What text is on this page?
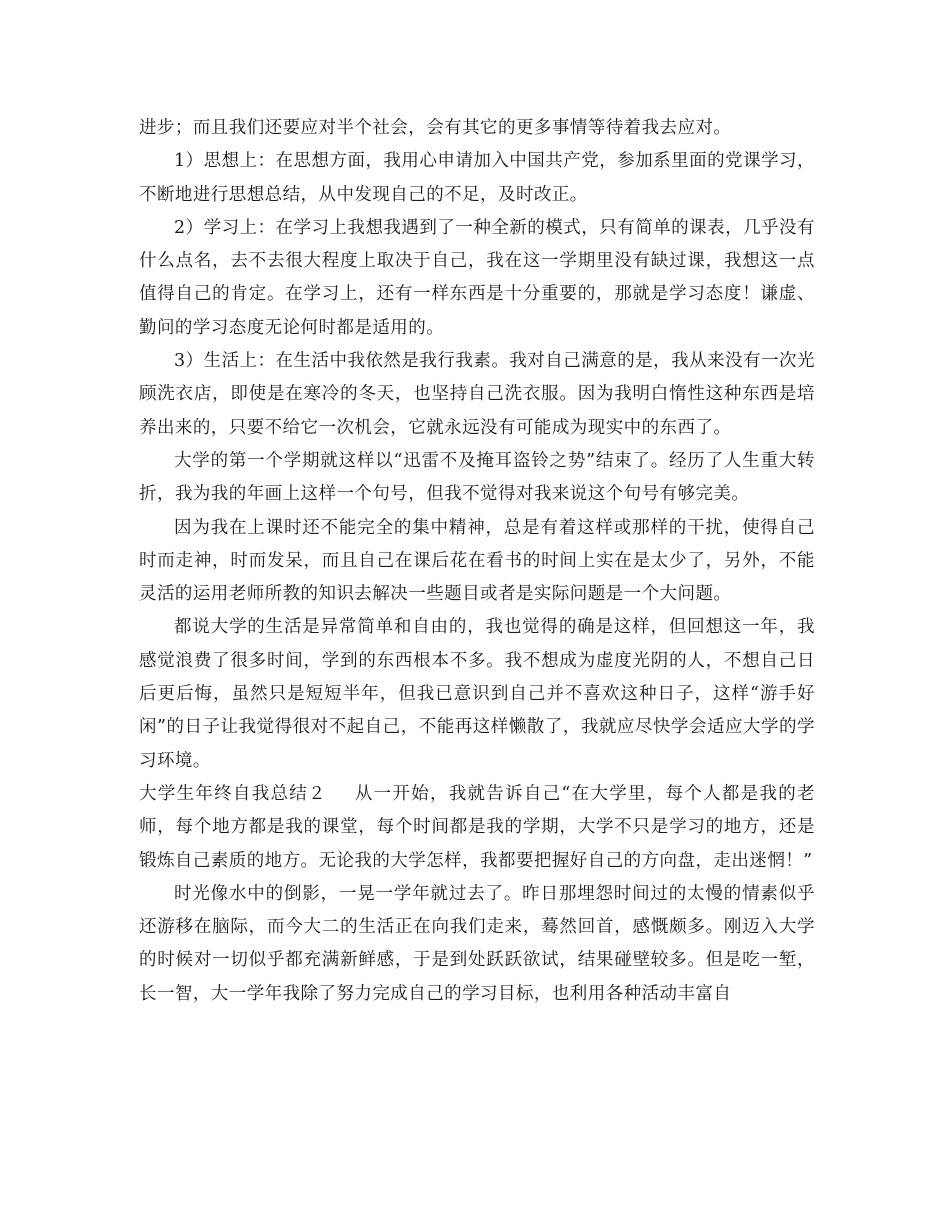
进步；而且我们还要应对半个社会，会有其它的更多事情等待着我去应对。

1）思想上：在思想方面，我用心申请加入中国共产党，参加系里面的党课学习，不断地进行思想总结，从中发现自己的不足，及时改正。

2）学习上：在学习上我想我遇到了一种全新的模式，只有简单的课表，几乎没有什么点名，去不去很大程度上取决于自己，我在这一学期里没有缺过课，我想这一点值得自己的肯定。在学习上，还有一样东西是十分重要的，那就是学习态度！谦虚、勤问的学习态度无论何时都是适用的。

3）生活上：在生活中我依然是我行我素。我对自己满意的是，我从来没有一次光顾洗衣店，即使是在寒冷的冬天，也坚持自己洗衣服。因为我明白惰性这种东西是培养出来的，只要不给它一次机会，它就永远没有可能成为现实中的东西了。

大学的第一个学期就这样以“迅雷不及掩耳盗铃之势”结束了。经历了人生重大转折，我为我的年画上这样一个句号，但我不觉得对我来说这个句号有够完美。

因为我在上课时还不能完全的集中精神，总是有着这样或那样的干扰，使得自己时而走神，时而发呆，而且自己在课后花在看书的时间上实在是太少了，另外，不能灵活的运用老师所教的知识去解决一些题目或者是实际问题是一个大问题。

都说大学的生活是异常简单和自由的，我也觉得的确是这样，但回想这一年，我感觉浪费了很多时间，学到的东西根本不多。我不想成为虚度光阴的人，不想自己日后更后悔，虽然只是短短半年，但我已意识到自己并不喜欢这种日子，这样“游手好闲”的日子让我觉得很对不起自己，不能再这样懒散了，我就应尽快学会适应大学的学习环境。

大学生年终自我总结２ 从一开始，我就告诉自己“在大学里，每个人都是我的老师，每个地方都是我的课堂，每个时间都是我的学期，大学不只是学习的地方，还是锻炼自己素质的地方。无论我的大学怎样，我都要把握好自己的方向盘，走出迷惘！”

时光像水中的倒影，一晃一学年就过去了。昨日那埋怨时间过的太慢的情素似乎还游移在脑际，而今大二的生活正在向我们走来，蓦然回首，感慨颇多。刚迈入大学的时候对一切似乎都充满新鲜感，于是到处跃跃欲试，结果碰壁较多。但是吃一堑，长一智，大一学年我除了努力完成自己的学习目标，也利用各种活动丰富自
